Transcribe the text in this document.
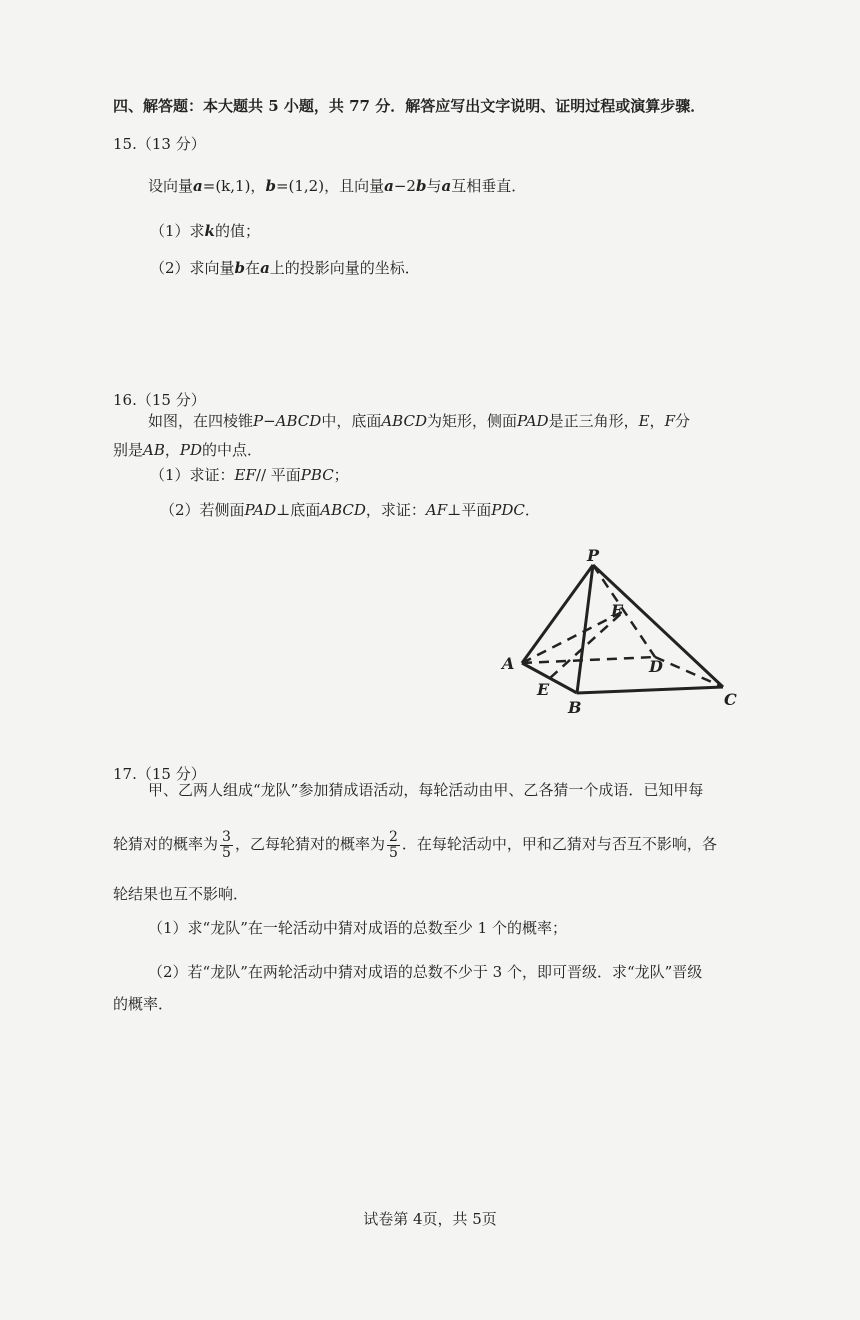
四、解答题：本大题共 5 小题，共 77 分．解答应写出文字说明、证明过程或演算步骤．
15.（13 分）
设向量a=(k,1)，b=(1,2)，且向量a−2b与a互相垂直．
（1）求k的值；
（2）求向量b在a上的投影向量的坐标．
16.（15 分）
如图，在四棱锥P−ABCD中，底面ABCD为矩形，侧面PAD是正三角形，E，F分
别是AB，PD的中点．
（1）求证：EF// 平面PBC；
（2）若侧面PAD⊥底面ABCD，求证：AF⊥平面PDC．
P
A
B	C
D
E
F
17.（15 分）
甲、乙两人组成“龙队”参加猜成语活动，每轮活动由甲、乙各猜一个成语．已知甲每
轮猜对的概率为 $\frac{3}{5}$ ，乙每轮猜对的概率为 $\frac{2}{5}$ ．在每轮活动中，甲和乙猜对与否互不影响，各
轮结果也互不影响．
（1）求“龙队”在一轮活动中猜对成语的总数至少 1 个的概率；
（2）若“龙队”在两轮活动中猜对成语的总数不少于 3 个，即可晋级．求“龙队”晋级
的概率．
试卷第 4页，共 5页
